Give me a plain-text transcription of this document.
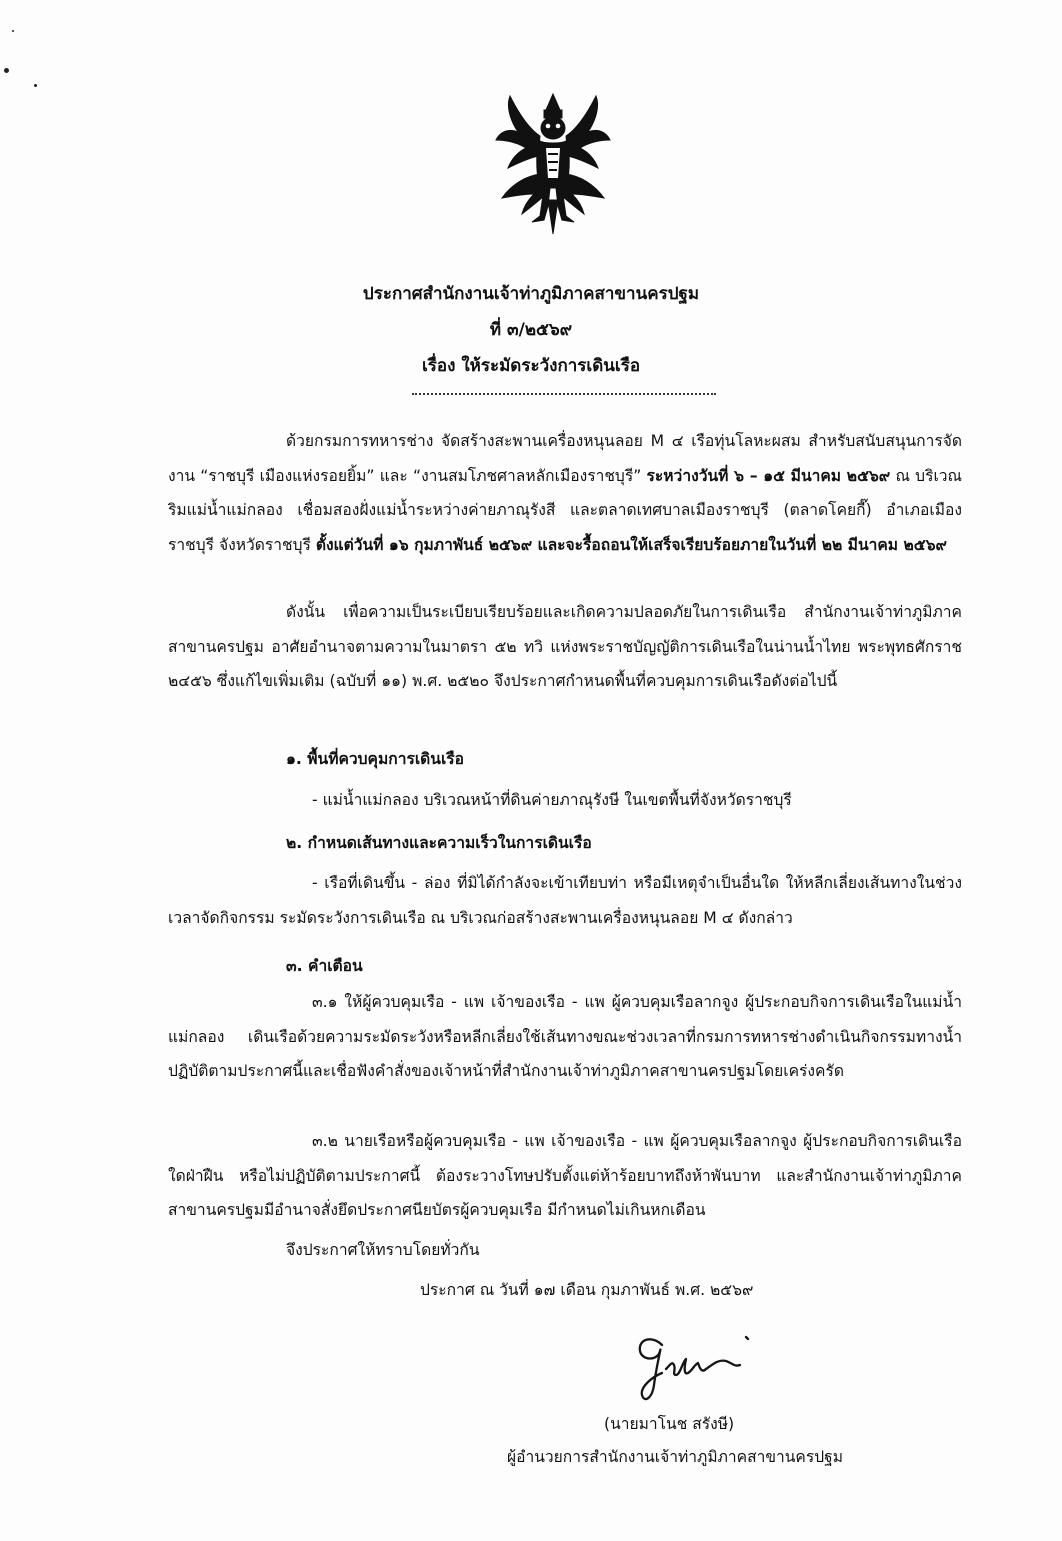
ประกาศสำนักงานเจ้าท่าภูมิภาคสาขานครปฐม
ที่ ๓/๒๕๖๙
เรื่อง ให้ระมัดระวังการเดินเรือ
ด้วยกรมการทหารช่าง จัดสร้างสะพานเครื่องหนุนลอย M ๔ เรือทุ่นโลหะผสม สำหรับสนับสนุนการจัดงาน “ราชบุรี เมืองแห่งรอยยิ้ม” และ “งานสมโภชศาลหลักเมืองราชบุรี” ระหว่างวันที่ ๖ – ๑๕ มีนาคม ๒๕๖๙ ณ บริเวณริมแม่น้ำแม่กลอง เชื่อมสองฝั่งแม่น้ำระหว่างค่ายภาณุรังสี และตลาดเทศบาลเมืองราชบุรี (ตลาดโคยกี๊) อำเภอเมืองราชบุรี จังหวัดราชบุรี ตั้งแต่วันที่ ๑๖ กุมภาพันธ์ ๒๕๖๙ และจะรื้อถอนให้เสร็จเรียบร้อยภายในวันที่ ๒๒ มีนาคม ๒๕๖๙
ดังนั้น เพื่อความเป็นระเบียบเรียบร้อยและเกิดความปลอดภัยในการเดินเรือ สำนักงานเจ้าท่าภูมิภาคสาขานครปฐม อาศัยอำนาจตามความในมาตรา ๕๒ ทวิ แห่งพระราชบัญญัติการเดินเรือในน่านน้ำไทย พระพุทธศักราช ๒๔๕๖ ซึ่งแก้ไขเพิ่มเติม (ฉบับที่ ๑๑) พ.ศ. ๒๕๒๐ จึงประกาศกำหนดพื้นที่ควบคุมการเดินเรือดังต่อไปนี้
๑. พื้นที่ควบคุมการเดินเรือ
- แม่น้ำแม่กลอง บริเวณหน้าที่ดินค่ายภาณุรังษี ในเขตพื้นที่จังหวัดราชบุรี
๒. กำหนดเส้นทางและความเร็วในการเดินเรือ
- เรือที่เดินขึ้น - ล่อง ที่มิได้กำลังจะเข้าเทียบท่า หรือมีเหตุจำเป็นอื่นใด ให้หลีกเลี่ยงเส้นทางในช่วงเวลาจัดกิจกรรม ระมัดระวังการเดินเรือ ณ บริเวณก่อสร้างสะพานเครื่องหนุนลอย M ๔ ดังกล่าว
๓. คำเตือน
๓.๑ ให้ผู้ควบคุมเรือ - แพ เจ้าของเรือ - แพ ผู้ควบคุมเรือลากจูง ผู้ประกอบกิจการเดินเรือในแม่น้ำแม่กลอง เดินเรือด้วยความระมัดระวังหรือหลีกเลี่ยงใช้เส้นทางขณะช่วงเวลาที่กรมการทหารช่างดำเนินกิจกรรมทางน้ำ ปฏิบัติตามประกาศนี้และเชื่อฟังคำสั่งของเจ้าหน้าที่สำนักงานเจ้าท่าภูมิภาคสาขานครปฐมโดยเคร่งครัด
๓.๒ นายเรือหรือผู้ควบคุมเรือ - แพ เจ้าของเรือ - แพ ผู้ควบคุมเรือลากจูง ผู้ประกอบกิจการเดินเรือใดฝ่าฝืน หรือไม่ปฏิบัติตามประกาศนี้ ต้องระวางโทษปรับตั้งแต่ห้าร้อยบาทถึงห้าพันบาท และสำนักงานเจ้าท่าภูมิภาคสาขานครปฐมมีอำนาจสั่งยึดประกาศนียบัตรผู้ควบคุมเรือ มีกำหนดไม่เกินหกเดือน
จึงประกาศให้ทราบโดยทั่วกัน
ประกาศ ณ วันที่ ๑๗ เดือน กุมภาพันธ์ พ.ศ. ๒๕๖๙
(นายมาโนช สรังษี)
ผู้อำนวยการสำนักงานเจ้าท่าภูมิภาคสาขานครปฐม
